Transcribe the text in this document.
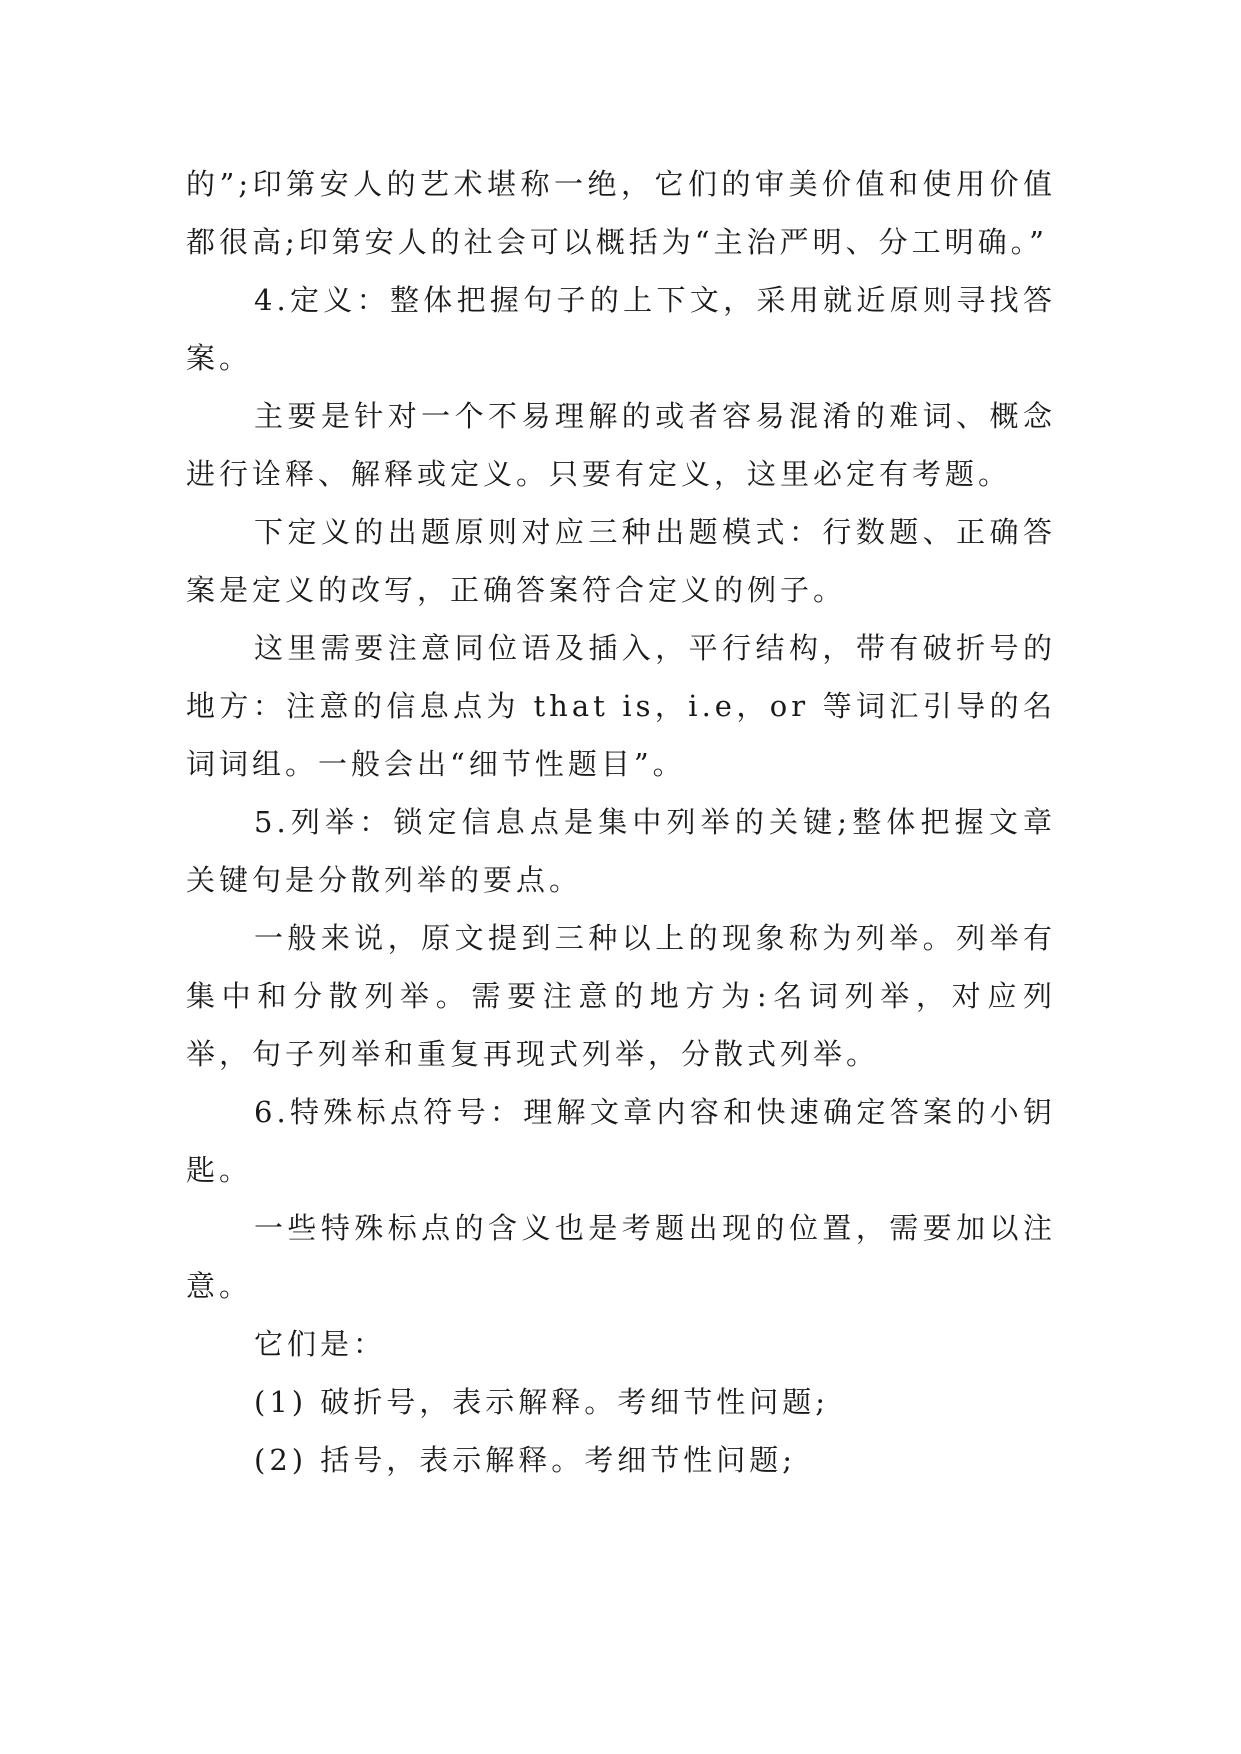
的”;印第安人的艺术堪称一绝，它们的审美价值和使用价值都很高;印第安人的社会可以概括为“主治严明、分工明确。”

4.定义：整体把握句子的上下文，采用就近原则寻找答案。

主要是针对一个不易理解的或者容易混淆的难词、概念进行诠释、解释或定义。只要有定义，这里必定有考题。

下定义的出题原则对应三种出题模式：行数题、正确答案是定义的改写，正确答案符合定义的例子。

这里需要注意同位语及插入，平行结构，带有破折号的地方：注意的信息点为 that is，i.e，or 等词汇引导的名词词组。一般会出“细节性题目”。

5.列举：锁定信息点是集中列举的关键;整体把握文章关键句是分散列举的要点。

一般来说，原文提到三种以上的现象称为列举。列举有集中和分散列举。需要注意的地方为:名词列举，对应列举，句子列举和重复再现式列举，分散式列举。

6.特殊标点符号：理解文章内容和快速确定答案的小钥匙。

一些特殊标点的含义也是考题出现的位置，需要加以注意。

它们是：

(1) 破折号，表示解释。考细节性问题;

(2) 括号，表示解释。考细节性问题;
